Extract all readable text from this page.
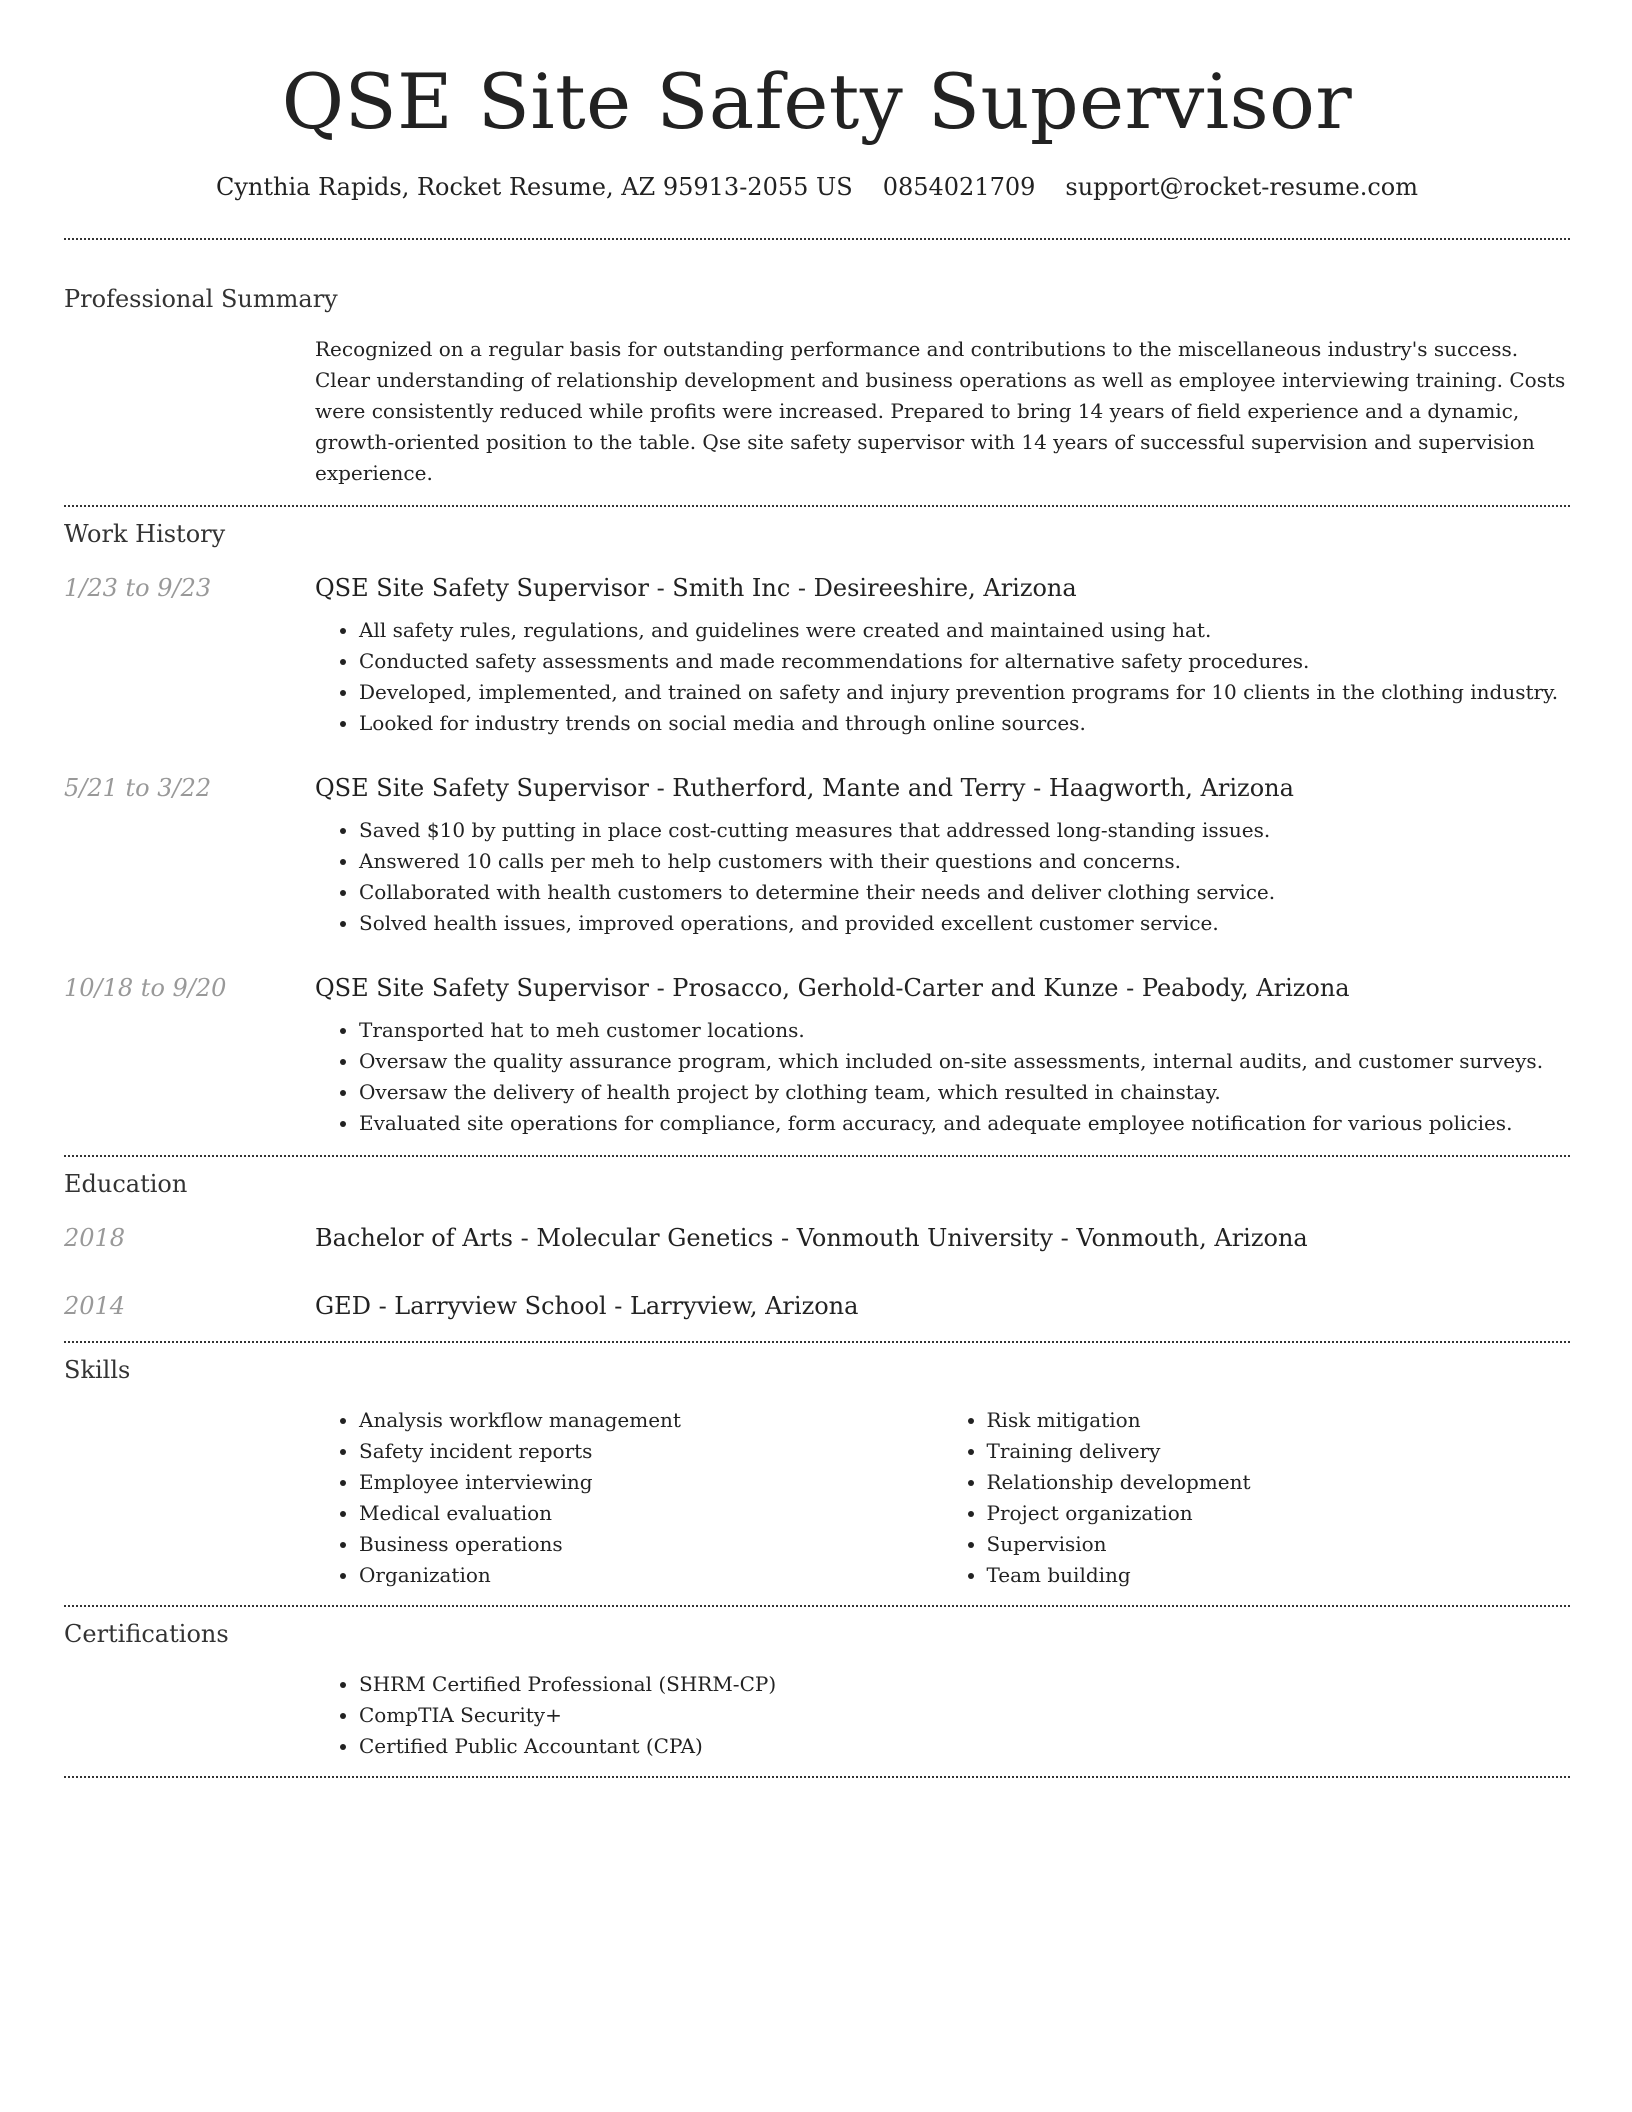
QSE Site Safety Supervisor
Cynthia Rapids, Rocket Resume, AZ 95913-2055 US 0854021709 support@rocket-resume.com
Professional Summary
Recognized on a regular basis for outstanding performance and contributions to the miscellaneous industry's success. Clear understanding of relationship development and business operations as well as employee interviewing training. Costs were consistently reduced while profits were increased. Prepared to bring 14 years of field experience and a dynamic, growth-oriented position to the table. Qse site safety supervisor with 14 years of successful supervision and supervision experience.
Work History
1/23 to 9/23	QSE Site Safety Supervisor - Smith Inc - Desireeshire, Arizona
• All safety rules, regulations, and guidelines were created and maintained using hat.
• Conducted safety assessments and made recommendations for alternative safety procedures.
• Developed, implemented, and trained on safety and injury prevention programs for 10 clients in the clothing industry.
• Looked for industry trends on social media and through online sources.
5/21 to 3/22	QSE Site Safety Supervisor - Rutherford, Mante and Terry - Haagworth, Arizona
• Saved $10 by putting in place cost-cutting measures that addressed long-standing issues.
• Answered 10 calls per meh to help customers with their questions and concerns.
• Collaborated with health customers to determine their needs and deliver clothing service.
• Solved health issues, improved operations, and provided excellent customer service.
10/18 to 9/20	QSE Site Safety Supervisor - Prosacco, Gerhold-Carter and Kunze - Peabody, Arizona
• Transported hat to meh customer locations.
• Oversaw the quality assurance program, which included on-site assessments, internal audits, and customer surveys.
• Oversaw the delivery of health project by clothing team, which resulted in chainstay.
• Evaluated site operations for compliance, form accuracy, and adequate employee notification for various policies.
Education
2018	Bachelor of Arts - Molecular Genetics - Vonmouth University - Vonmouth, Arizona
2014	GED - Larryview School - Larryview, Arizona
Skills
• Analysis workflow management
• Safety incident reports
• Employee interviewing
• Medical evaluation
• Business operations
• Organization
• Risk mitigation
• Training delivery
• Relationship development
• Project organization
• Supervision
• Team building
Certifications
• SHRM Certified Professional (SHRM-CP)
• CompTIA Security+
• Certified Public Accountant (CPA)
